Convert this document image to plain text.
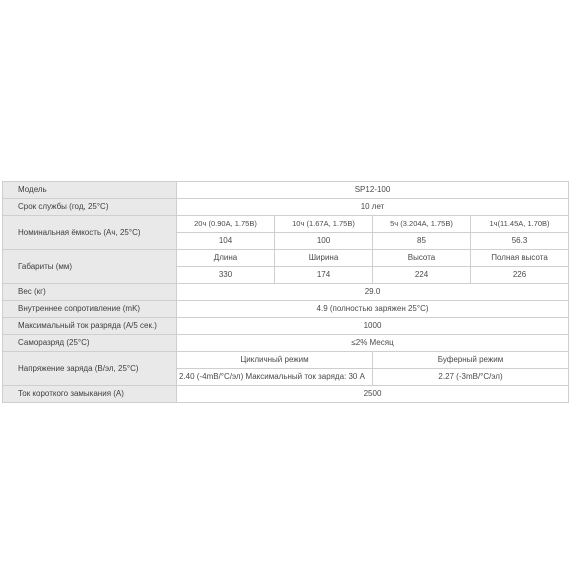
Модель	SP12-100			
Срок службы (год, 25°C)	10 лет			
Номинальная ёмкость (Ач, 25°C)	20ч (0.90A, 1.75В)	10ч (1.67A, 1.75В)	5ч (3.204A, 1.75В)	1ч(11.45A, 1.70В)
	104	100	85	56.3
Габариты (мм)	Длина	Ширина	Высота	Полная высота
	330	174	224	226
Вес (кг)	29.0			
Внутреннее сопротивление (mK)	4.9 (полностью заряжен 25°C)			
Максимальный ток разряда (A/5 сек.)	1000			
Саморазряд (25°C)	≤2% Месяц			
Напряжение заряда (В/эл, 25°C)	Цикличный режим		Буферный режим	
	2.40 (-4mB/°C/эл) Максимальный ток заряда: 30 А		2.27 (-3mB/°C/эл)	
Ток короткого замыкания (А)	2500			
